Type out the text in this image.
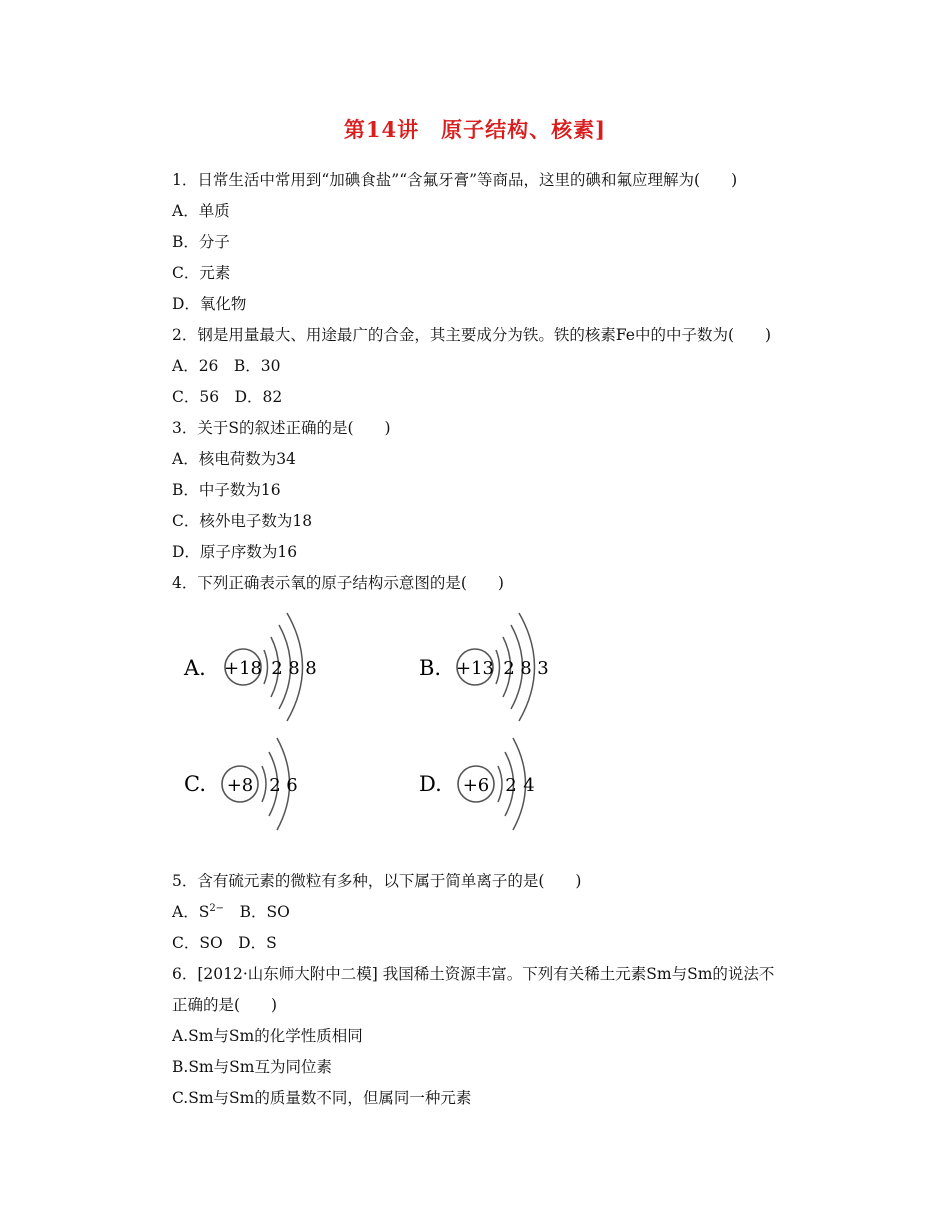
第14讲　原子结构、核素]
1．日常生活中常用到“加碘食盐”“含氟牙膏”等商品，这里的碘和氟应理解为(　　)
A．单质
B．分子
C．元素
D．氧化物
2．钢是用量最大、用途最广的合金，其主要成分为铁。铁的核素Fe中的中子数为(　　)
A．26　B．30
C．56　D．82
3．关于S的叙述正确的是(　　)
A．核电荷数为34
B．中子数为16
C．核外电子数为18
D．原子序数为16
4．下列正确表示氧的原子结构示意图的是(　　)
A. +18 2 8 8	B. +13 2 8 3
C. +8 2 6	D. +6 2 4
5．含有硫元素的微粒有多种，以下属于简单离子的是(　　)
A．$S^{2-}$　B．SO
C．SO　D．S
6．[2012·山东师大附中二模] 我国稀土资源丰富。下列有关稀土元素Sm与Sm的说法不
正确的是(　　)
A.Sm与Sm的化学性质相同
B.Sm与Sm互为同位素
C.Sm与Sm的质量数不同，但属同一种元素
